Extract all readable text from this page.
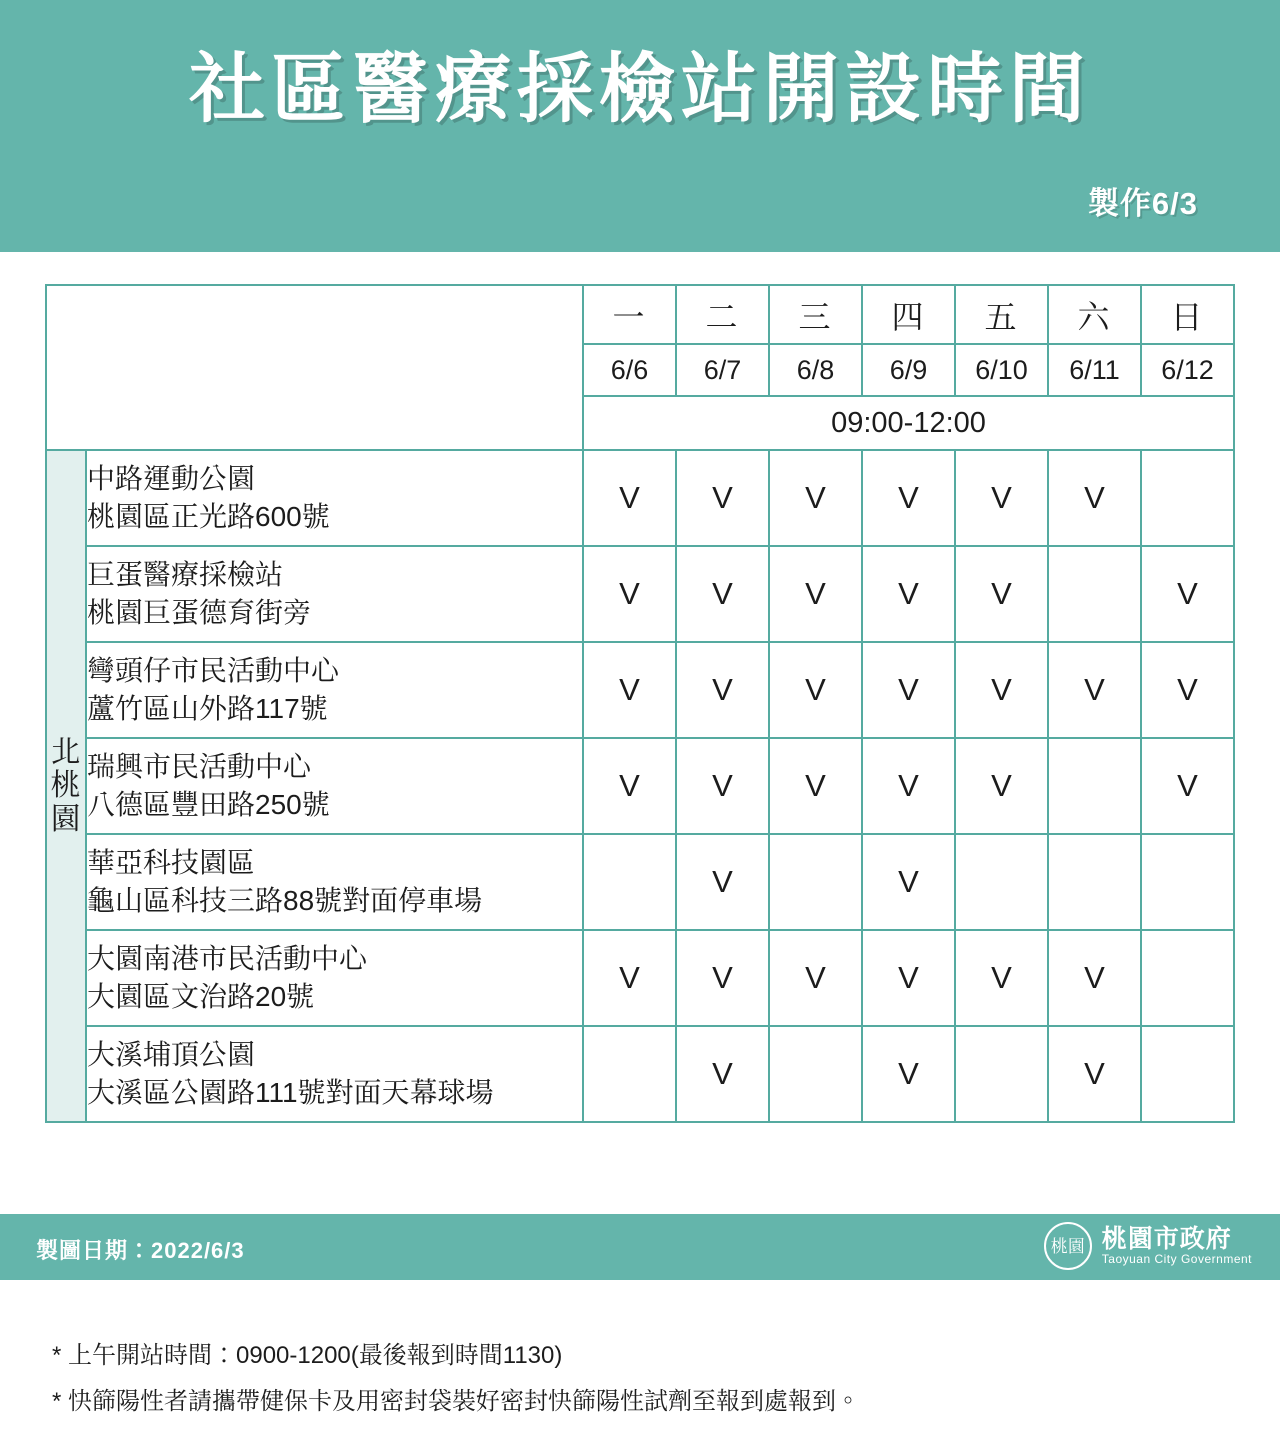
社區醫療採檢站開設時間
製作6/3
		一	二	三	四	五	六	日
		6/6	6/7	6/8	6/9	6/10	6/11	6/12
		09:00-12:00						

北
桃
園	中路運動公園
桃園區正光路600號	V	V	V	V	V	V	

	巨蛋醫療採檢站
桃園巨蛋德育街旁	V	V	V	V	V		V

	彎頭仔市民活動中心
蘆竹區山外路117號	V	V	V	V	V	V	V

	瑞興市民活動中心
八德區豐田路250號	V	V	V	V	V		V

	華亞科技園區
龜山區科技三路88號對面停車場		V		V			

	大園南港市民活動中心
大園區文治路20號	V	V	V	V	V	V	

	大溪埔頂公園
大溪區公園路111號對面天幕球場		V		V		V	
* 上午開站時間：0900-1200(最後報到時間1130)
* 快篩陽性者請攜帶健保卡及用密封袋裝好密封快篩陽性試劑至報到處報到。
製圖日期：2022/6/3	桃園 桃園市政府
Taoyuan City Government
